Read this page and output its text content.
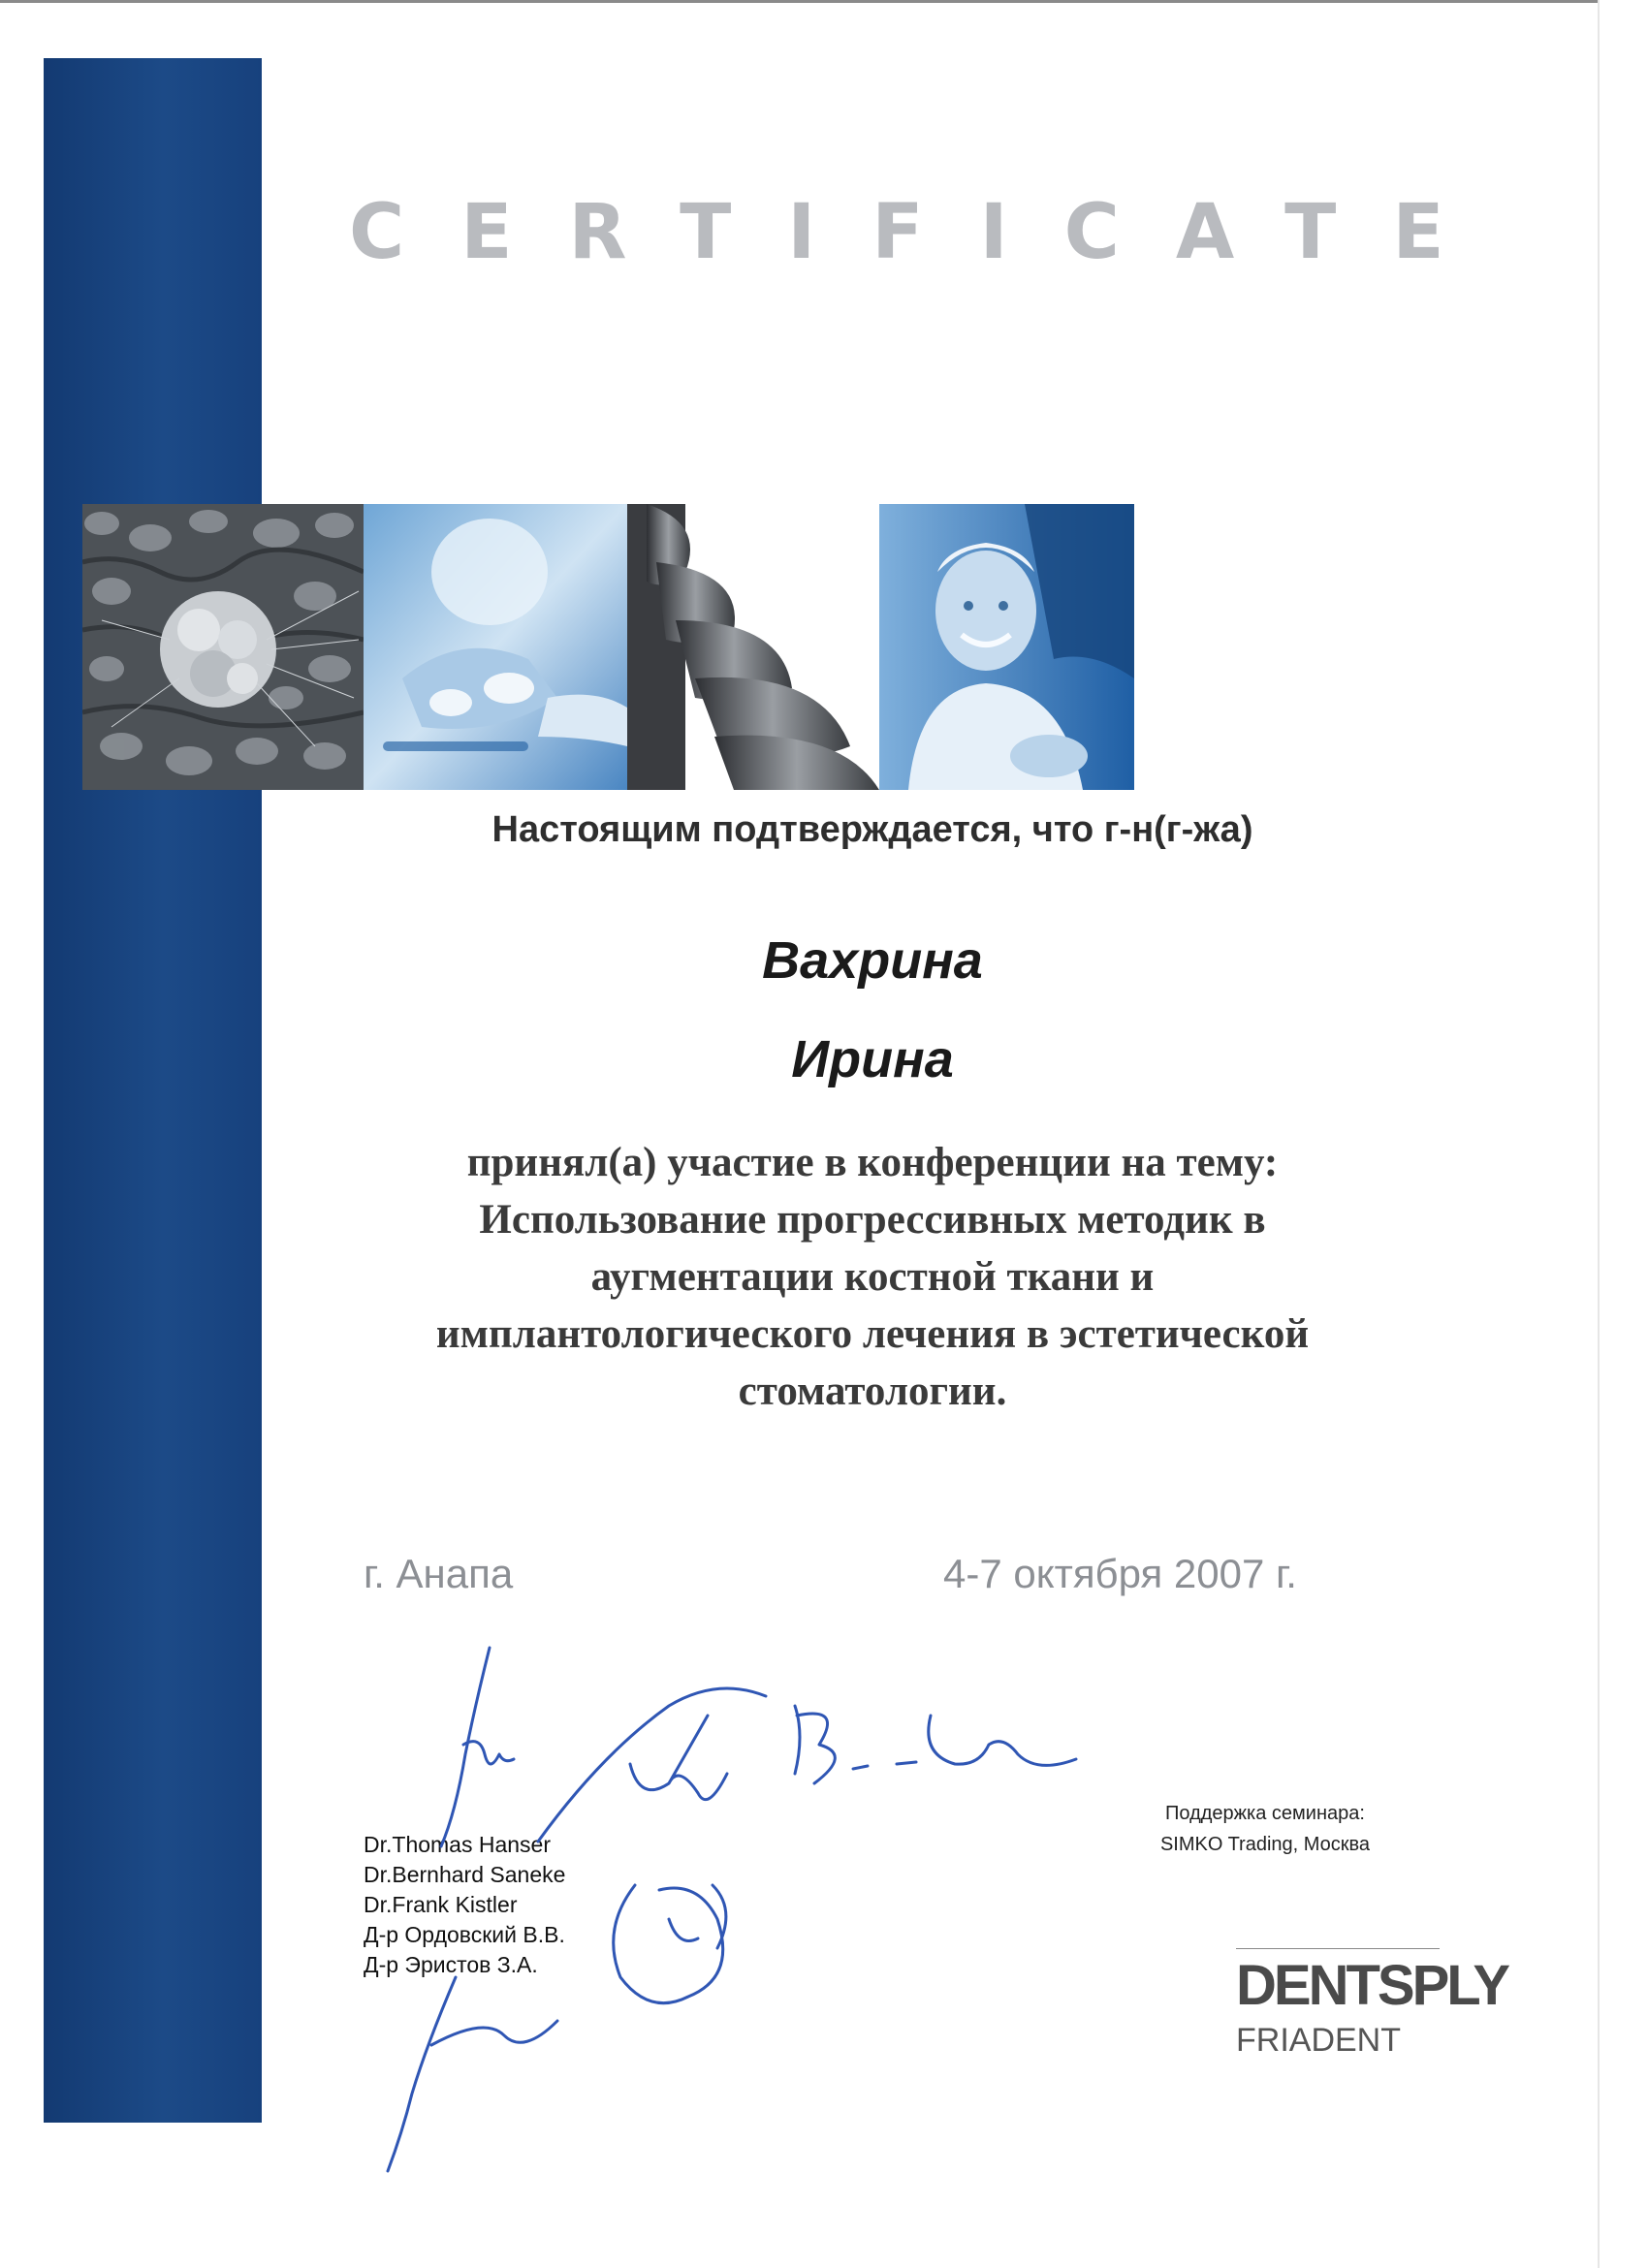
CERTIFICATE
Настоящим подтверждается, что г-н(г-жа)
Вахрина
Ирина
принял(а) участие в конференции на тему:
Использование прогрессивных методик в
аугментации костной ткани и
имплантологического лечения в эстетической
стоматологии.
г. Анапа	4-7 октября 2007 г.
Dr.Thomas Hanser
Dr.Bernhard Saneke
Dr.Frank Kistler
Д-р Ордовский В.В.
Д-р Эристов З.А.
Поддержка семинара:
SIMKO Trading, Москва
DENTSPLY
FRIADENT
